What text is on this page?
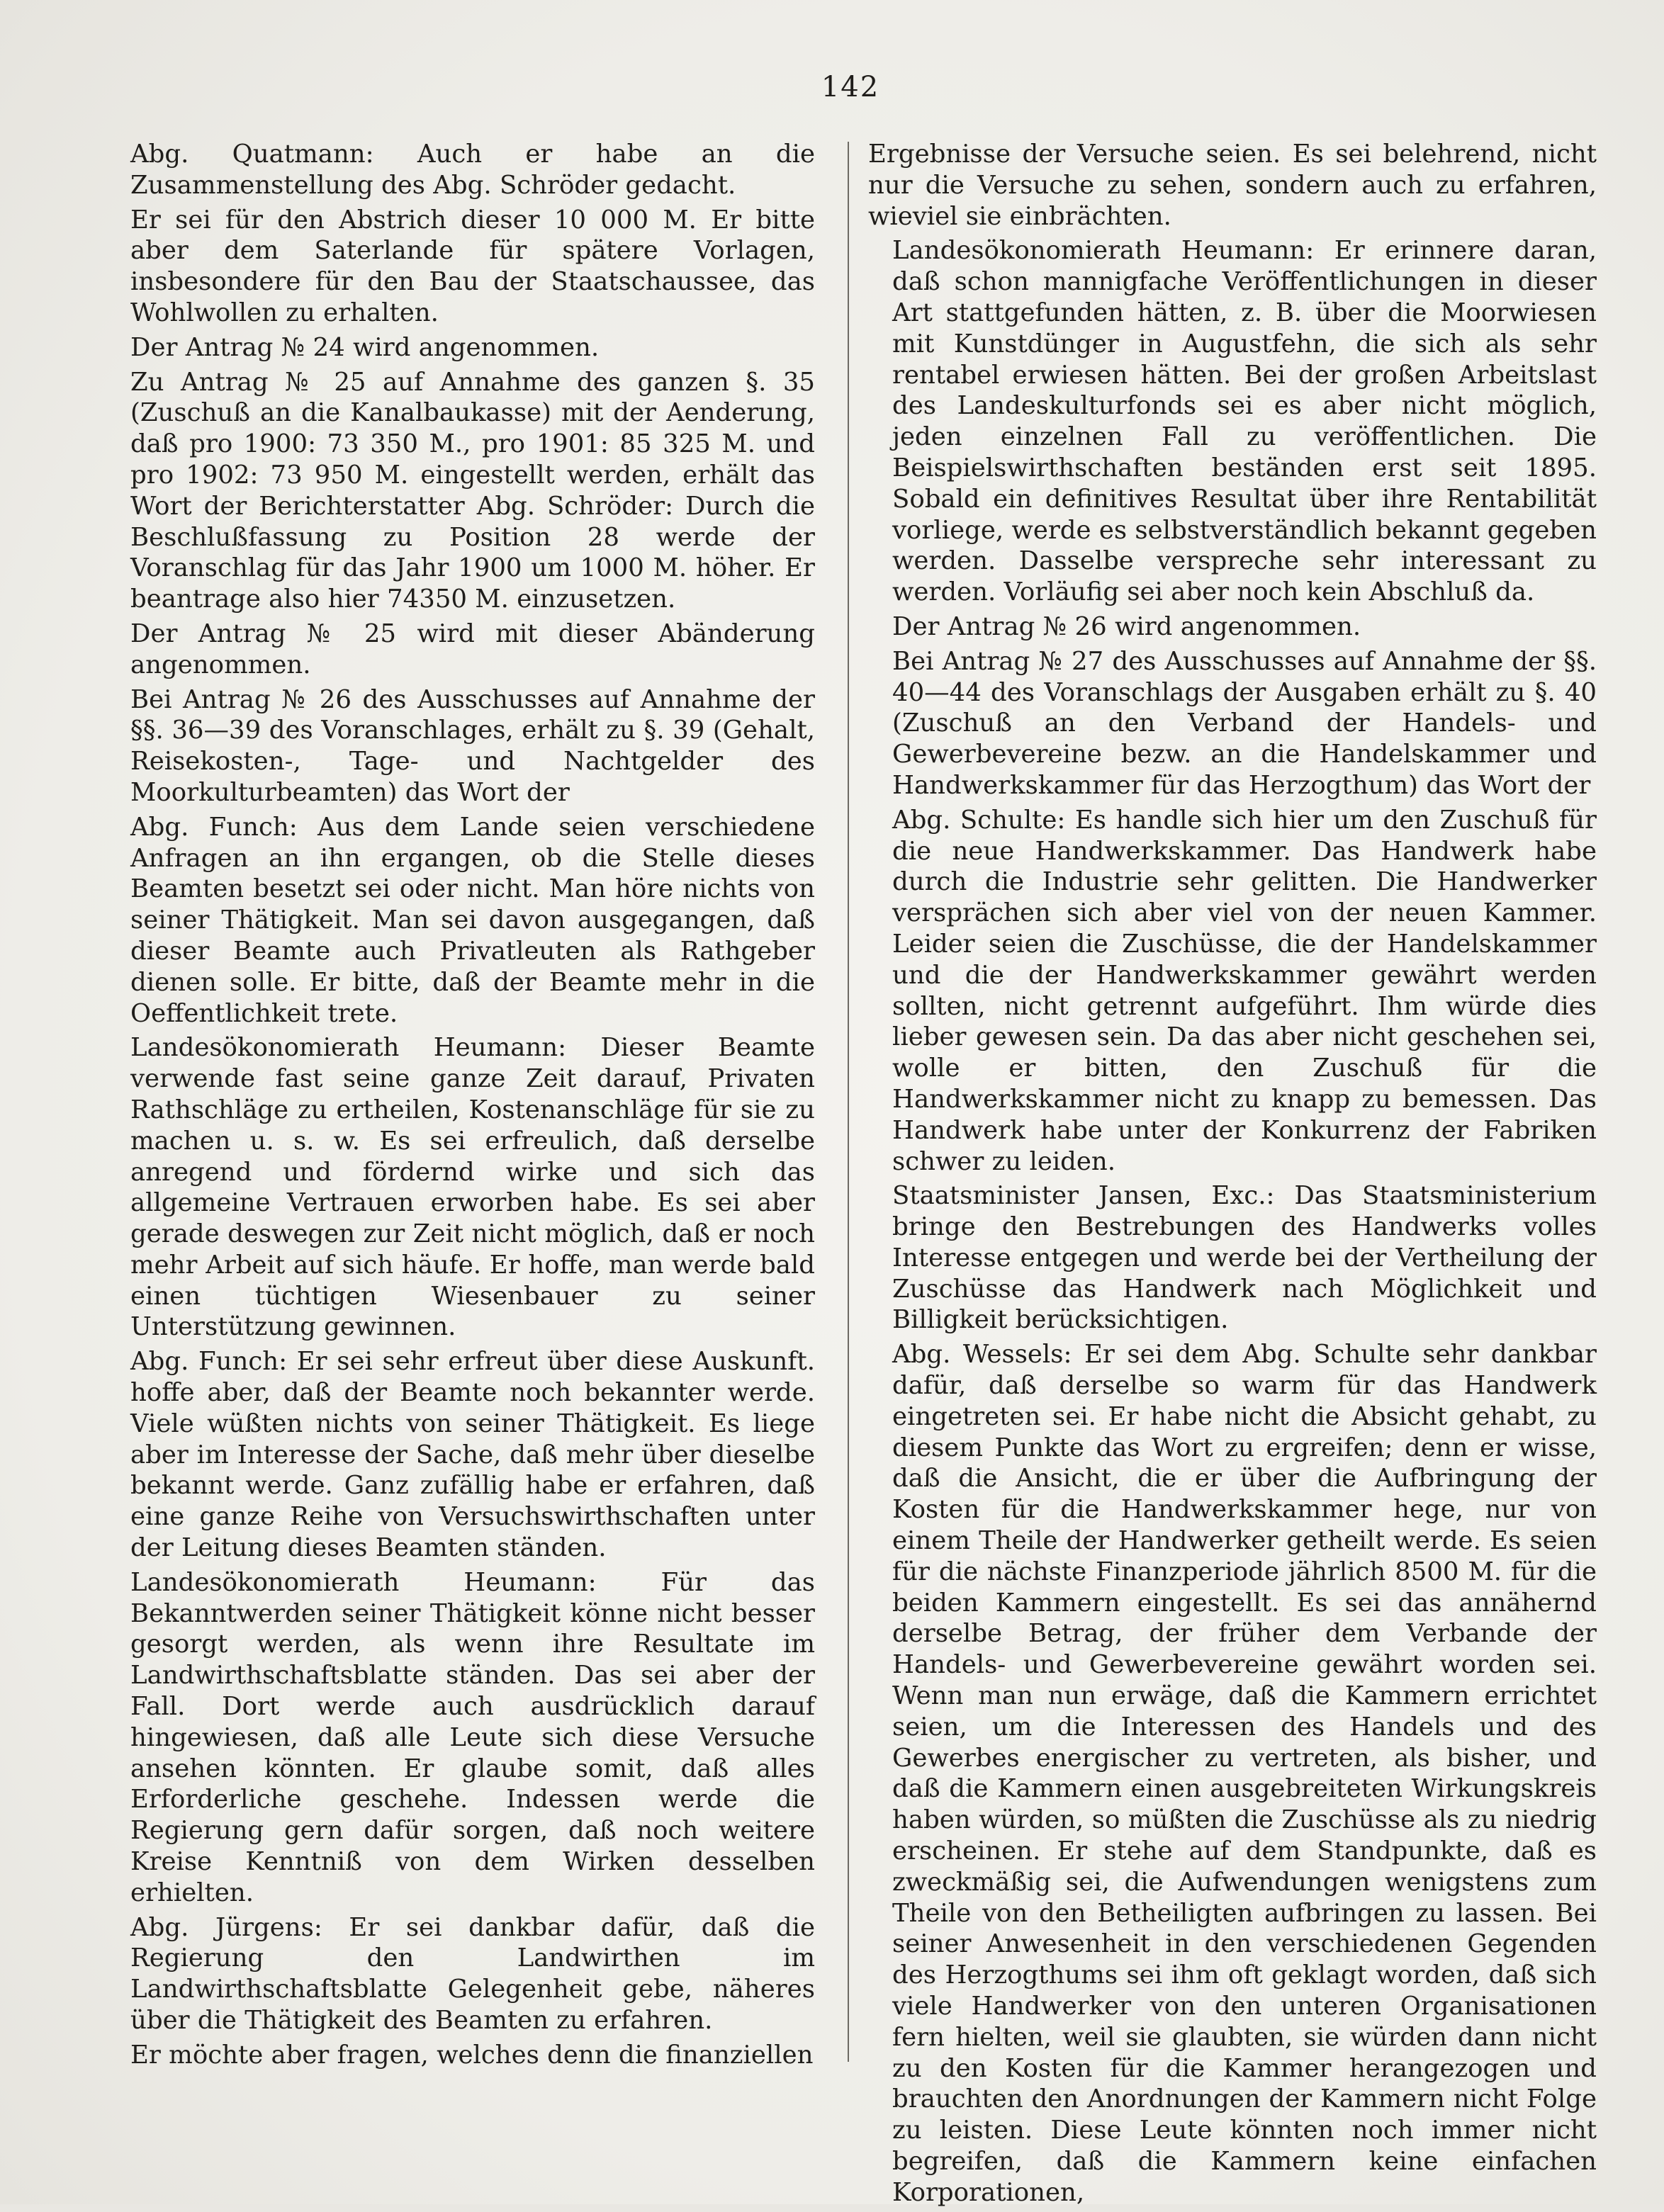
142

Abg. Quatmann: Auch er habe an die Zusammenstellung des Abg. Schröder gedacht.

Er sei für den Abstrich dieser 10 000 M. Er bitte aber dem Saterlande für spätere Vorlagen, insbesondere für den Bau der Staatschaussee, das Wohlwollen zu erhalten.

Der Antrag № 24 wird angenommen.

Zu Antrag № 25 auf Annahme des ganzen §. 35 (Zuschuß an die Kanalbaukasse) mit der Aenderung, daß pro 1900: 73 350 M., pro 1901: 85 325 M. und pro 1902: 73 950 M. eingestellt werden, erhält das Wort der Berichterstatter Abg. Schröder: Durch die Beschlußfassung zu Position 28 werde der Voranschlag für das Jahr 1900 um 1000 M. höher. Er beantrage also hier 74350 M. einzusetzen.

Der Antrag № 25 wird mit dieser Abänderung angenommen.

Bei Antrag № 26 des Ausschusses auf Annahme der §§. 36—39 des Voranschlages, erhält zu §. 39 (Gehalt, Reisekosten-, Tage- und Nachtgelder des Moorkulturbeamten) das Wort der

Abg. Funch: Aus dem Lande seien verschiedene Anfragen an ihn ergangen, ob die Stelle dieses Beamten besetzt sei oder nicht. Man höre nichts von seiner Thätigkeit. Man sei davon ausgegangen, daß dieser Beamte auch Privatleuten als Rathgeber dienen solle. Er bitte, daß der Beamte mehr in die Oeffentlichkeit trete.

Landesökonomierath Heumann: Dieser Beamte verwende fast seine ganze Zeit darauf, Privaten Rathschläge zu ertheilen, Kostenanschläge für sie zu machen u. s. w. Es sei erfreulich, daß derselbe anregend und fördernd wirke und sich das allgemeine Vertrauen erworben habe. Es sei aber gerade deswegen zur Zeit nicht möglich, daß er noch mehr Arbeit auf sich häufe. Er hoffe, man werde bald einen tüchtigen Wiesenbauer zu seiner Unterstützung gewinnen.

Abg. Funch: Er sei sehr erfreut über diese Auskunft. hoffe aber, daß der Beamte noch bekannter werde. Viele wüßten nichts von seiner Thätigkeit. Es liege aber im Interesse der Sache, daß mehr über dieselbe bekannt werde. Ganz zufällig habe er erfahren, daß eine ganze Reihe von Versuchswirthschaften unter der Leitung dieses Beamten ständen.

Landesökonomierath Heumann: Für das Bekanntwerden seiner Thätigkeit könne nicht besser gesorgt werden, als wenn ihre Resultate im Landwirthschaftsblatte ständen. Das sei aber der Fall. Dort werde auch ausdrücklich darauf hingewiesen, daß alle Leute sich diese Versuche ansehen könnten. Er glaube somit, daß alles Erforderliche geschehe. Indessen werde die Regierung gern dafür sorgen, daß noch weitere Kreise Kenntniß von dem Wirken desselben erhielten.

Abg. Jürgens: Er sei dankbar dafür, daß die Regierung den Landwirthen im Landwirthschaftsblatte Gelegenheit gebe, näheres über die Thätigkeit des Beamten zu erfahren.

Er möchte aber fragen, welches denn die finanziellen

Ergebnisse der Versuche seien. Es sei belehrend, nicht nur die Versuche zu sehen, sondern auch zu erfahren, wieviel sie einbrächten.

Landesökonomierath Heumann: Er erinnere daran, daß schon mannigfache Veröffentlichungen in dieser Art stattgefunden hätten, z. B. über die Moorwiesen mit Kunstdünger in Augustfehn, die sich als sehr rentabel erwiesen hätten. Bei der großen Arbeitslast des Landeskulturfonds sei es aber nicht möglich, jeden einzelnen Fall zu veröffentlichen. Die Beispielswirthschaften beständen erst seit 1895. Sobald ein definitives Resultat über ihre Rentabilität vorliege, werde es selbstverständlich bekannt gegeben werden. Dasselbe verspreche sehr interessant zu werden. Vorläufig sei aber noch kein Abschluß da.

Der Antrag № 26 wird angenommen.

Bei Antrag № 27 des Ausschusses auf Annahme der §§. 40—44 des Voranschlags der Ausgaben erhält zu §. 40 (Zuschuß an den Verband der Handels- und Gewerbevereine bezw. an die Handelskammer und Handwerkskammer für das Herzogthum) das Wort der

Abg. Schulte: Es handle sich hier um den Zuschuß für die neue Handwerkskammer. Das Handwerk habe durch die Industrie sehr gelitten. Die Handwerker versprächen sich aber viel von der neuen Kammer. Leider seien die Zuschüsse, die der Handelskammer und die der Handwerkskammer gewährt werden sollten, nicht getrennt aufgeführt. Ihm würde dies lieber gewesen sein. Da das aber nicht geschehen sei, wolle er bitten, den Zuschuß für die Handwerkskammer nicht zu knapp zu bemessen. Das Handwerk habe unter der Konkurrenz der Fabriken schwer zu leiden.

Staatsminister Jansen, Exc.: Das Staatsministerium bringe den Bestrebungen des Handwerks volles Interesse entgegen und werde bei der Vertheilung der Zuschüsse das Handwerk nach Möglichkeit und Billigkeit berücksichtigen.

Abg. Wessels: Er sei dem Abg. Schulte sehr dankbar dafür, daß derselbe so warm für das Handwerk eingetreten sei. Er habe nicht die Absicht gehabt, zu diesem Punkte das Wort zu ergreifen; denn er wisse, daß die Ansicht, die er über die Aufbringung der Kosten für die Handwerkskammer hege, nur von einem Theile der Handwerker getheilt werde. Es seien für die nächste Finanzperiode jährlich 8500 M. für die beiden Kammern eingestellt. Es sei das annähernd derselbe Betrag, der früher dem Verbande der Handels- und Gewerbevereine gewährt worden sei. Wenn man nun erwäge, daß die Kammern errichtet seien, um die Interessen des Handels und des Gewerbes energischer zu vertreten, als bisher, und daß die Kammern einen ausgebreiteten Wirkungskreis haben würden, so müßten die Zuschüsse als zu niedrig erscheinen. Er stehe auf dem Standpunkte, daß es zweckmäßig sei, die Aufwendungen wenigstens zum Theile von den Betheiligten aufbringen zu lassen. Bei seiner Anwesenheit in den verschiedenen Gegenden des Herzogthums sei ihm oft geklagt worden, daß sich viele Handwerker von den unteren Organisationen fern hielten, weil sie glaubten, sie würden dann nicht zu den Kosten für die Kammer herangezogen und brauchten den Anordnungen der Kammern nicht Folge zu leisten. Diese Leute könnten noch immer nicht begreifen, daß die Kammern keine einfachen Korporationen,
